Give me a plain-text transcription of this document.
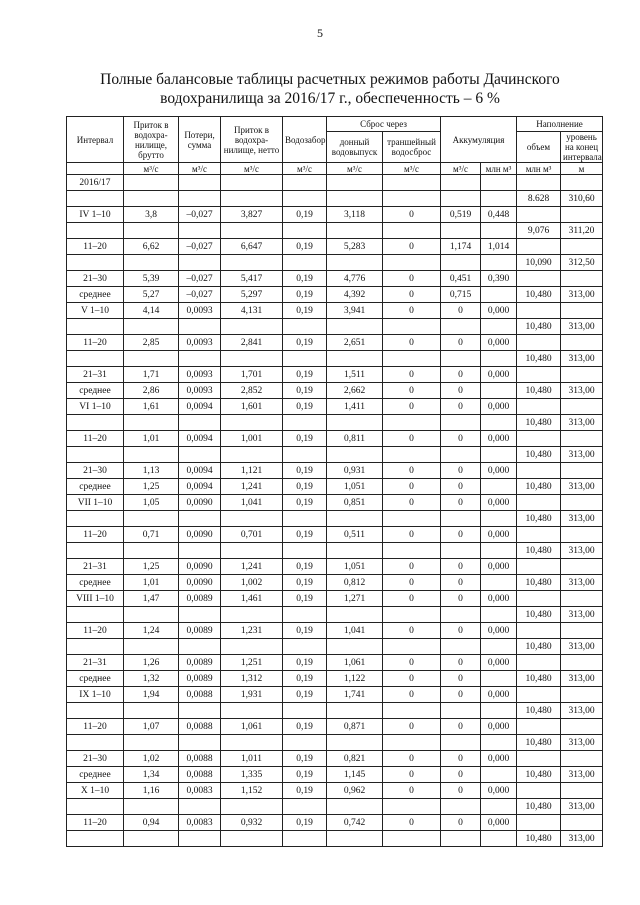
5
Полные балансовые таблицы расчетных режимов работы Дачинского
водохранилища за 2016/17 г., обеспеченность – 6 %
Интервал	Приток в водохра-нилище, брутто	Потери, сумма	Приток в водохра-нилище, нетто	Водозабор	Сброс через		Аккумуляция		Наполнение	
					донный водовыпуск	траншейный водосброс			объем	уровень на конец интервала
	м³/с	м³/с	м³/с	м³/с	м³/с	м³/с	м³/с	млн м³	млн м³	м
2016/17										
									8.628	310,60
IV 1–10	3,8	–0,027	3,827	0,19	3,118	0	0,519	0,448		
									9,076	311,20
11–20	6,62	–0,027	6,647	0,19	5,283	0	1,174	1,014		
									10,090	312,50
21–30	5,39	–0,027	5,417	0,19	4,776	0	0,451	0,390		
среднее	5,27	–0,027	5,297	0,19	4,392	0	0,715		10,480	313,00
V 1–10	4,14	0,0093	4,131	0,19	3,941	0	0	0,000		
									10,480	313,00
11–20	2,85	0,0093	2,841	0,19	2,651	0	0	0,000		
									10,480	313,00
21–31	1,71	0,0093	1,701	0,19	1,511	0	0	0,000		
среднее	2,86	0,0093	2,852	0,19	2,662	0	0		10,480	313,00
VI 1–10	1,61	0,0094	1,601	0,19	1,411	0	0	0,000		
									10,480	313,00
11–20	1,01	0,0094	1,001	0,19	0,811	0	0	0,000		
									10,480	313,00
21–30	1,13	0,0094	1,121	0,19	0,931	0	0	0,000		
среднее	1,25	0,0094	1,241	0,19	1,051	0	0		10,480	313,00
VII 1–10	1,05	0,0090	1,041	0,19	0,851	0	0	0,000		
									10,480	313,00
11–20	0,71	0,0090	0,701	0,19	0,511	0	0	0,000		
									10,480	313,00
21–31	1,25	0,0090	1,241	0,19	1,051	0	0	0,000		
среднее	1,01	0,0090	1,002	0,19	0,812	0	0		10,480	313,00
VIII 1–10	1,47	0,0089	1,461	0,19	1,271	0	0	0,000		
									10,480	313,00
11–20	1,24	0,0089	1,231	0,19	1,041	0	0	0,000		
									10,480	313,00
21–31	1,26	0,0089	1,251	0,19	1,061	0	0	0,000		
среднее	1,32	0,0089	1,312	0,19	1,122	0	0		10,480	313,00
IX 1–10	1,94	0,0088	1,931	0,19	1,741	0	0	0,000		
									10,480	313,00
11–20	1,07	0,0088	1,061	0,19	0,871	0	0	0,000		
									10,480	313,00
21–30	1,02	0,0088	1,011	0,19	0,821	0	0	0,000		
среднее	1,34	0,0088	1,335	0,19	1,145	0	0		10,480	313,00
X 1–10	1,16	0,0083	1,152	0,19	0,962	0	0	0,000		
									10,480	313,00
11–20	0,94	0,0083	0,932	0,19	0,742	0	0	0,000		
									10,480	313,00
